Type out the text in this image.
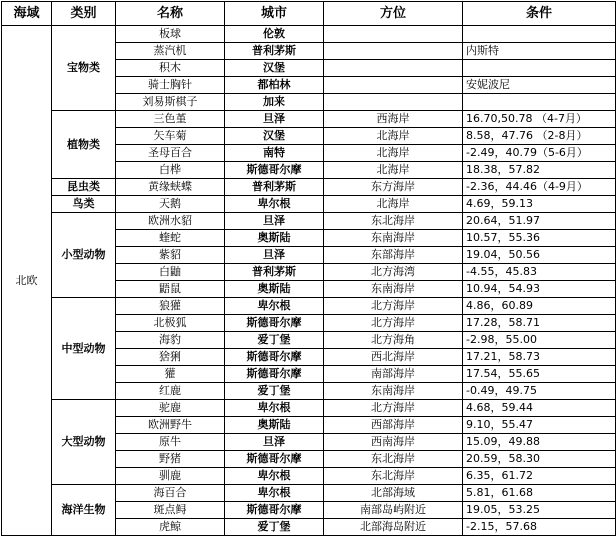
海域	类别	名称	城市	方位	条件
北欧	宝物类	板球	伦敦		
		蒸汽机	普利茅斯		内斯特
		积木	汉堡		
		骑士胸针	都柏林		安妮波尼
		刘易斯棋子	加来		
	植物类	三色堇	旦泽	西海岸	16.70,50.78 （4-7月）
		矢车菊	汉堡	北海岸	8.58，47.76 （2-8月）
		圣母百合	南特	北海岸	-2.49，40.79（5-6月）
		白桦	斯德哥尔摩	北海岸	18.38，57.82
	昆虫类	黄缘蛱蝶	普利茅斯	东方海岸	-2.36，44.46（4-9月）
	鸟类	天鹅	卑尔根	北海岸	4.69，59.13
	小型动物	欧洲水貂	旦泽	东北海岸	20.64，51.97
		蝰蛇	奥斯陆	东南海岸	10.57，55.36
		紫貂	旦泽	东部海岸	19.04，50.56
		白鼬	普利茅斯	北方海湾	-4.55，45.83
		鼯鼠	奥斯陆	东南海岸	10.94，54.93
	中型动物	狼獾	卑尔根	北方海岸	4.86，60.89
		北极狐	斯德哥尔摩	北方海岸	17.28，58.71
		海豹	爱丁堡	北方海角	-2.98，55.00
		猞猁	斯德哥尔摩	西北海岸	17.21，58.73
		獾	斯德哥尔摩	南部海岸	17.54，55.65
		红鹿	爱丁堡	东南海岸	-0.49，49.75
	大型动物	驼鹿	卑尔根	北方海岸	4.68，59.44
		欧洲野牛	奥斯陆	西部海岸	9.10，55.47
		原牛	旦泽	西南海岸	15.09，49.88
		野猪	斯德哥尔摩	东北海岸	20.59，58.30
		驯鹿	卑尔根	东北海岸	6.35，61.72
	海洋生物	海百合	卑尔根	北部海域	5.81，61.68
		斑点鲟	斯德哥尔摩	南部岛屿附近	19.05，53.25
		虎鲸	爱丁堡	北部海岛附近	-2.15，57.68
